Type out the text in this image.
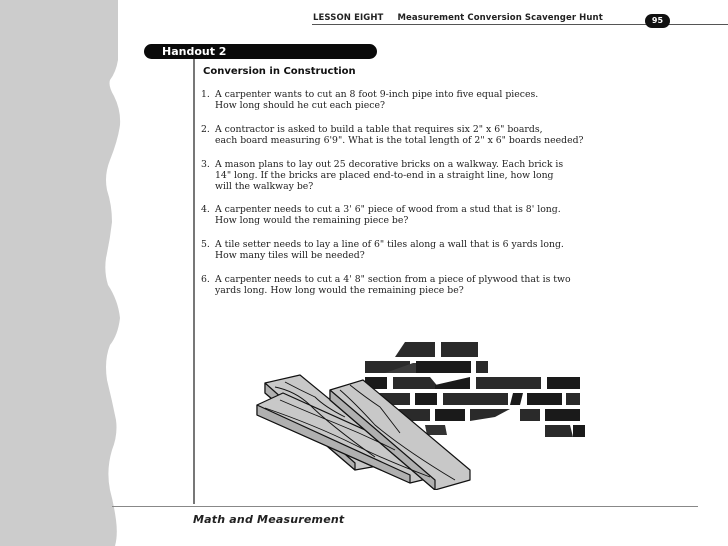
LESSON EIGHT Measurement Conversion Scavenger Hunt	95
Handout 2
Conversion in Construction
1. A carpenter wants to cut an 8 foot 9-inch pipe into five equal pieces.
How long should he cut each piece?
2. A contractor is asked to build a table that requires six 2" x 6" boards,
each board measuring 6'9". What is the total length of 2" x 6" boards needed?
3. A mason plans to lay out 25 decorative bricks on a walkway. Each brick is
14" long. If the bricks are placed end-to-end in a straight line, how long
will the walkway be?
4. A carpenter needs to cut a 3' 6" piece of wood from a stud that is 8' long.
How long would the remaining piece be?
5. A tile setter needs to lay a line of 6" tiles along a wall that is 6 yards long.
How many tiles will be needed?
6. A carpenter needs to cut a 4' 8" section from a piece of plywood that is two
yards long. How long would the remaining piece be?
Math and Measurement
